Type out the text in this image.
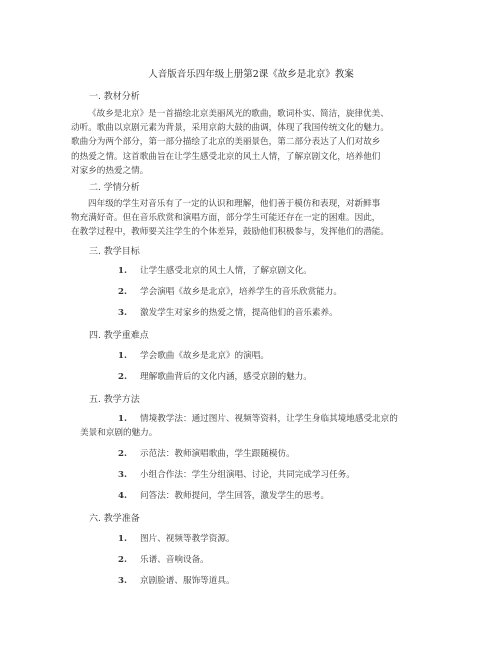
人音版音乐四年级上册第2课《故乡是北京》教案
一. 教材分析
《故乡是北京》是一首描绘北京美丽风光的歌曲，歌词朴实、简洁，旋律优美、
动听。歌曲以京剧元素为背景，采用京韵大鼓的曲调，体现了我国传统文化的魅力。
歌曲分为两个部分，第一部分描绘了北京的美丽景色，第二部分表达了人们对故乡
的热爱之情。这首歌曲旨在让学生感受北京的风土人情，了解京剧文化，培养他们
对家乡的热爱之情。
二. 学情分析
四年级的学生对音乐有了一定的认识和理解，他们善于模仿和表现，对新鲜事
物充满好奇。但在音乐欣赏和演唱方面，部分学生可能还存在一定的困难。因此，
在教学过程中，教师要关注学生的个体差异，鼓励他们积极参与，发挥他们的潜能。
三. 教学目标
1. 让学生感受北京的风土人情，了解京剧文化。
2. 学会演唱《故乡是北京》，培养学生的音乐欣赏能力。
3. 激发学生对家乡的热爱之情，提高他们的音乐素养。
四. 教学重难点
1. 学会歌曲《故乡是北京》的演唱。
2. 理解歌曲背后的文化内涵，感受京剧的魅力。
五. 教学方法
1. 情境教学法：通过图片、视频等资料，让学生身临其境地感受北京的
美景和京剧的魅力。
2. 示范法：教师演唱歌曲，学生跟随模仿。
3. 小组合作法：学生分组演唱、讨论，共同完成学习任务。
4. 问答法：教师提问，学生回答，激发学生的思考。
六. 教学准备
1. 图片、视频等教学资源。
2. 乐谱、音响设备。
3. 京剧脸谱、服饰等道具。
